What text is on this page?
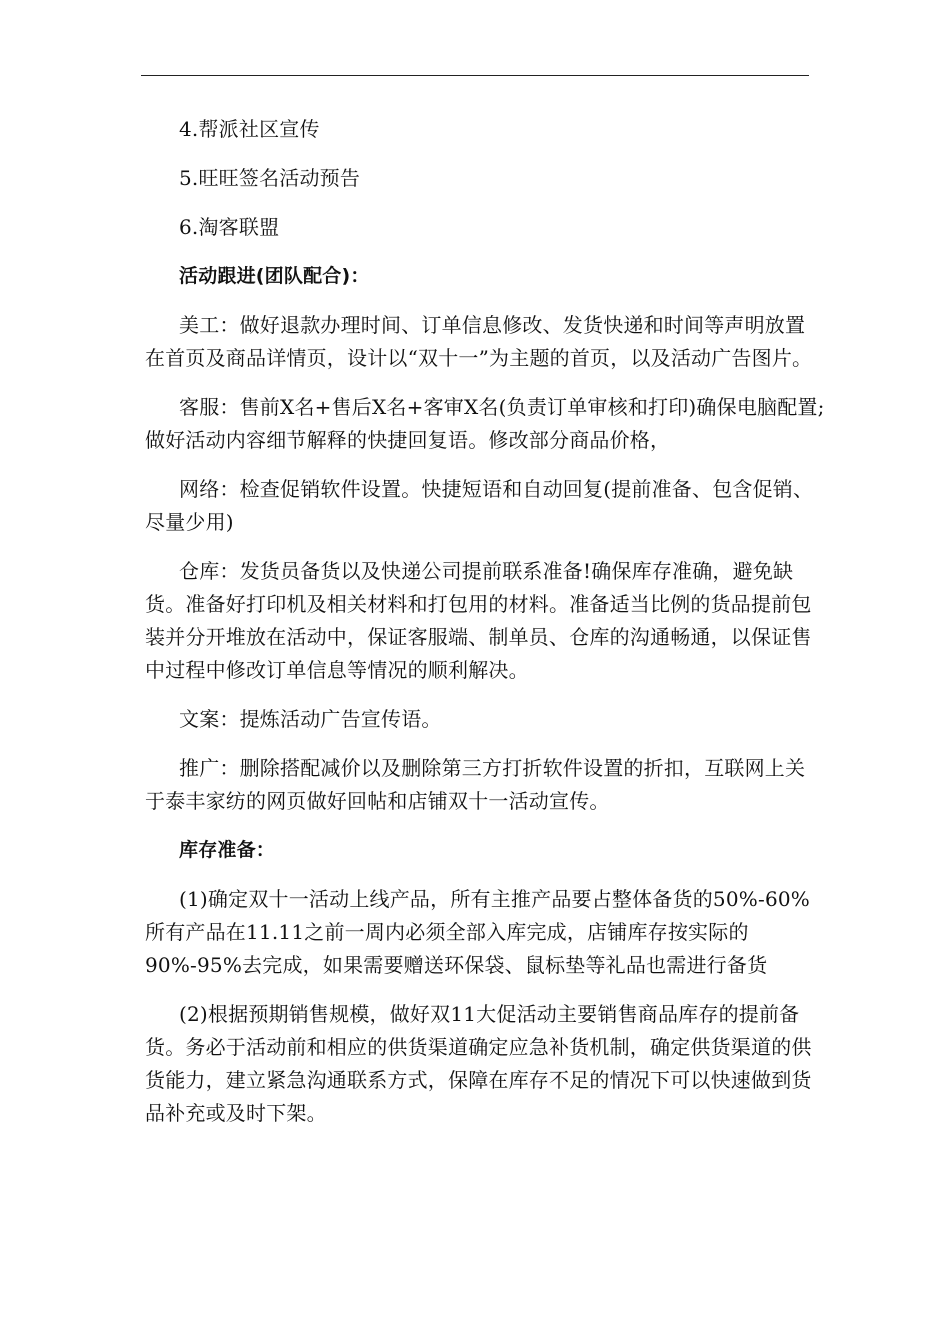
4.帮派社区宣传

5.旺旺签名活动预告

6.淘客联盟

活动跟进(团队配合)：

美工：做好退款办理时间、订单信息修改、发货快递和时间等声明放置在首页及商品详情页，设计以“双十一”为主题的首页，以及活动广告图片。

客服：售前X名+售后X名+客审X名(负责订单审核和打印)确保电脑配置;做好活动内容细节解释的快捷回复语。修改部分商品价格，

网络：检查促销软件设置。快捷短语和自动回复(提前准备、包含促销、尽量少用)

仓库：发货员备货以及快递公司提前联系准备!确保库存准确，避免缺货。准备好打印机及相关材料和打包用的材料。准备适当比例的货品提前包装并分开堆放在活动中，保证客服端、制单员、仓库的沟通畅通，以保证售中过程中修改订单信息等情况的顺利解决。

文案：提炼活动广告宣传语。

推广：删除搭配减价以及删除第三方打折软件设置的折扣，互联网上关于泰丰家纺的网页做好回帖和店铺双十一活动宣传。

库存准备：

(1)确定双十一活动上线产品，所有主推产品要占整体备货的50%-60%所有产品在11.11之前一周内必须全部入库完成，店铺库存按实际的90%-95%去完成，如果需要赠送环保袋、鼠标垫等礼品也需进行备货

(2)根据预期销售规模，做好双11大促活动主要销售商品库存的提前备货。务必于活动前和相应的供货渠道确定应急补货机制，确定供货渠道的供货能力，建立紧急沟通联系方式，保障在库存不足的情况下可以快速做到货品补充或及时下架。
